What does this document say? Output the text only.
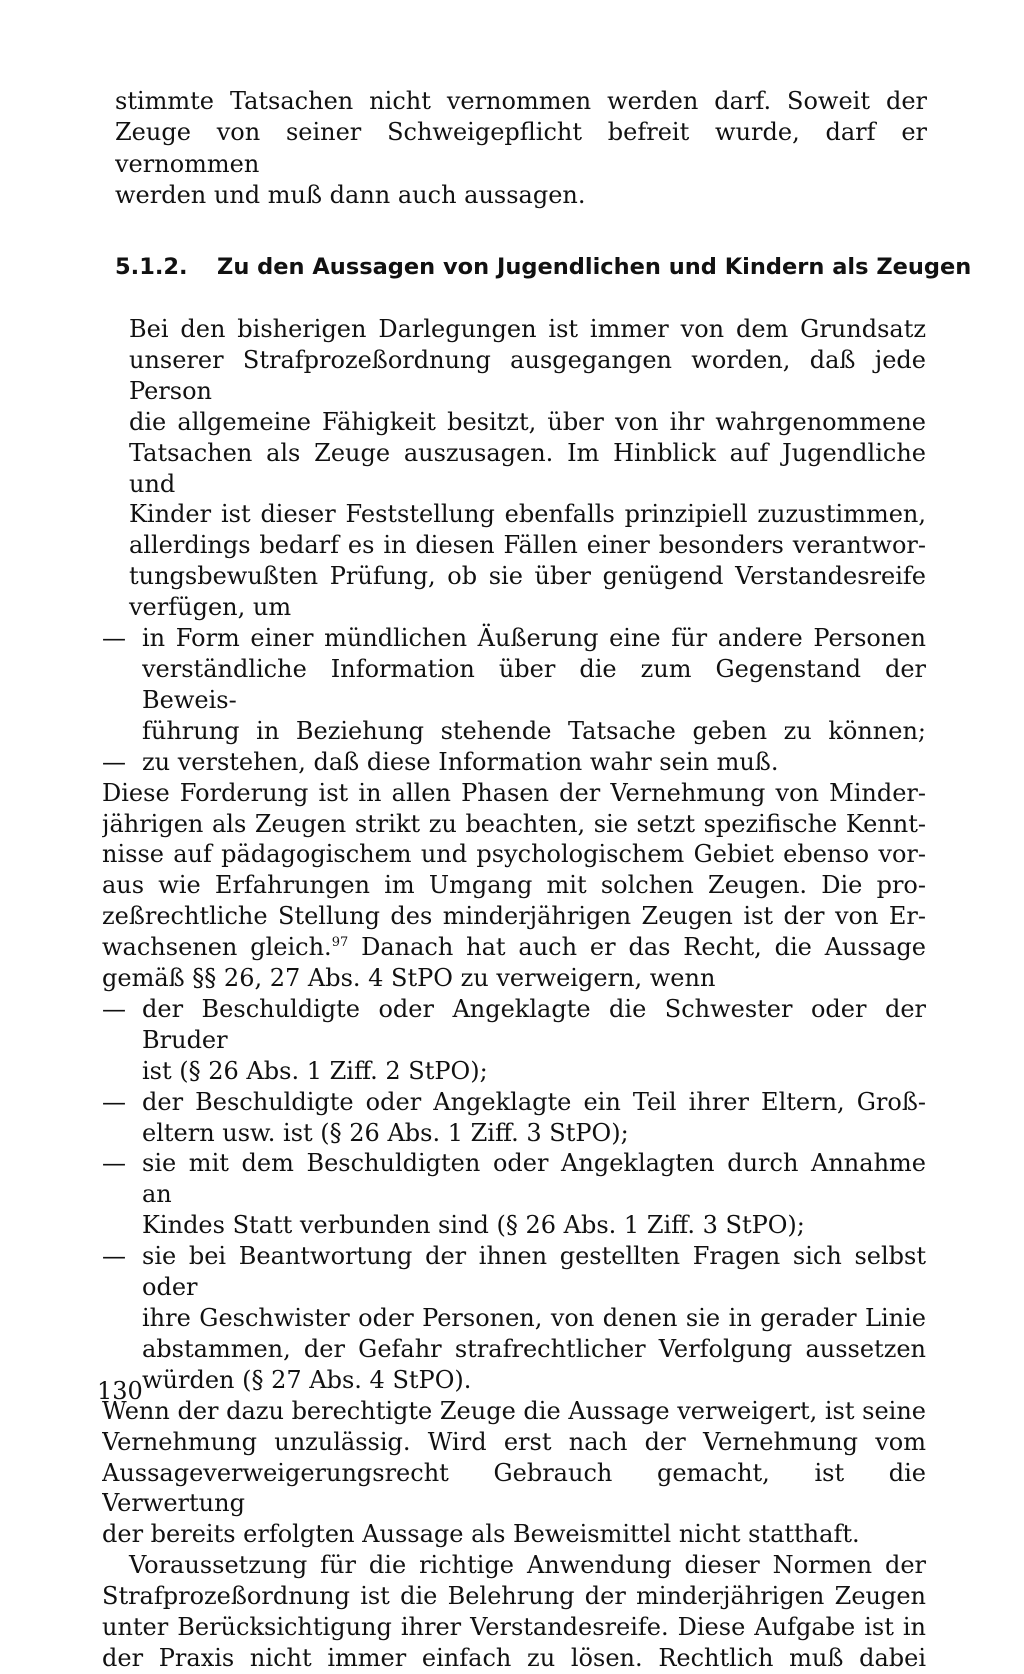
stimmte Tatsachen nicht vernommen werden darf. Soweit der
Zeuge von seiner Schweigepflicht befreit wurde, darf er vernommen
werden und muß dann auch aussagen.
5.1.2. Zu den Aussagen von Jugendlichen und Kindern als Zeugen
Bei den bisherigen Darlegungen ist immer von dem Grundsatz
unserer Strafprozeßordnung ausgegangen worden, daß jede Person
die allgemeine Fähigkeit besitzt, über von ihr wahrgenommene
Tatsachen als Zeuge auszusagen. Im Hinblick auf Jugendliche und
Kinder ist dieser Feststellung ebenfalls prinzipiell zuzustimmen,
allerdings bedarf es in diesen Fällen einer besonders verantwor-
tungsbewußten Prüfung, ob sie über genügend Verstandesreife
verfügen, um
— in Form einer mündlichen Äußerung eine für andere Personen
verständliche Information über die zum Gegenstand der Beweis-
führung in Beziehung stehende Tatsache geben zu können;
— zu verstehen, daß diese Information wahr sein muß.
Diese Forderung ist in allen Phasen der Vernehmung von Minder-
jährigen als Zeugen strikt zu beachten, sie setzt spezifische Kennt-
nisse auf pädagogischem und psychologischem Gebiet ebenso vor-
aus wie Erfahrungen im Umgang mit solchen Zeugen. Die pro-
zeßrechtliche Stellung des minderjährigen Zeugen ist der von Er-
wachsenen gleich.$^{97}$ Danach hat auch er das Recht, die Aussage
gemäß §§ 26, 27 Abs. 4 StPO zu verweigern, wenn
— der Beschuldigte oder Angeklagte die Schwester oder der Bruder
ist (§ 26 Abs. 1 Ziff. 2 StPO);
— der Beschuldigte oder Angeklagte ein Teil ihrer Eltern, Groß-
eltern usw. ist (§ 26 Abs. 1 Ziff. 3 StPO);
— sie mit dem Beschuldigten oder Angeklagten durch Annahme an
Kindes Statt verbunden sind (§ 26 Abs. 1 Ziff. 3 StPO);
— sie bei Beantwortung der ihnen gestellten Fragen sich selbst oder
ihre Geschwister oder Personen, von denen sie in gerader Linie
abstammen, der Gefahr strafrechtlicher Verfolgung aussetzen
würden (§ 27 Abs. 4 StPO).
Wenn der dazu berechtigte Zeuge die Aussage verweigert, ist seine
Vernehmung unzulässig. Wird erst nach der Vernehmung vom
Aussageverweigerungsrecht Gebrauch gemacht, ist die Verwertung
der bereits erfolgten Aussage als Beweismittel nicht statthaft.
Voraussetzung für die richtige Anwendung dieser Normen der
Strafprozeßordnung ist die Belehrung der minderjährigen Zeugen
unter Berücksichtigung ihrer Verstandesreife. Diese Aufgabe ist in
der Praxis nicht immer einfach zu lösen. Rechtlich muß dabei
130
